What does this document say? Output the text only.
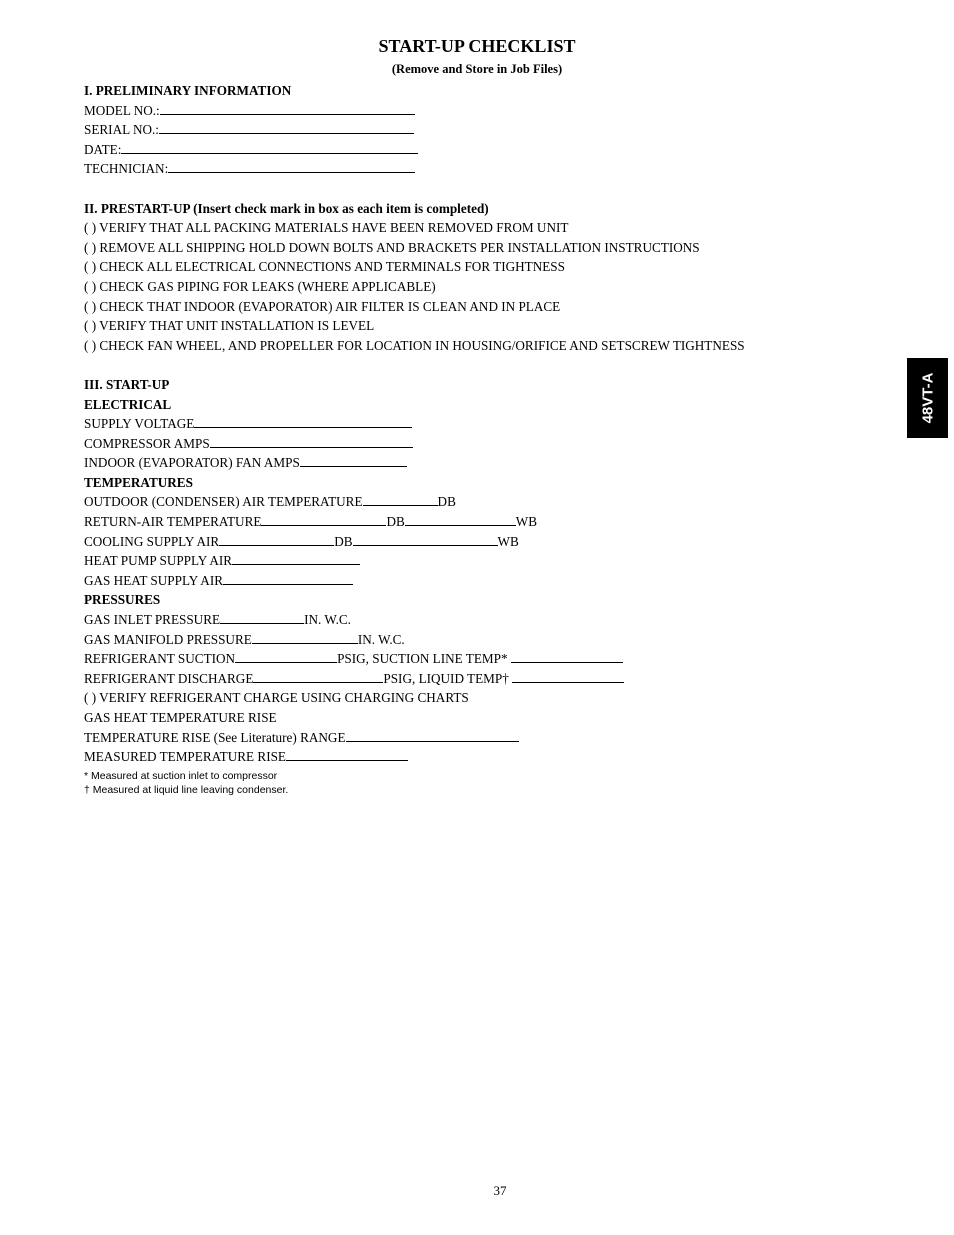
START-UP CHECKLIST
(Remove and Store in Job Files)
I. PRELIMINARY INFORMATION
MODEL NO.:
SERIAL NO.:
DATE:
TECHNICIAN:
II. PRESTART-UP (Insert check mark in box as each item is completed)
( ) VERIFY THAT ALL PACKING MATERIALS HAVE BEEN REMOVED FROM UNIT
( ) REMOVE ALL SHIPPING HOLD DOWN BOLTS AND BRACKETS PER INSTALLATION INSTRUCTIONS
( ) CHECK ALL ELECTRICAL CONNECTIONS AND TERMINALS FOR TIGHTNESS
( ) CHECK GAS PIPING FOR LEAKS (WHERE APPLICABLE)
( ) CHECK THAT INDOOR (EVAPORATOR) AIR FILTER IS CLEAN AND IN PLACE
( ) VERIFY THAT UNIT INSTALLATION IS LEVEL
( ) CHECK FAN WHEEL, AND PROPELLER FOR LOCATION IN HOUSING/ORIFICE AND SETSCREW TIGHTNESS
III. START-UP
ELECTRICAL
SUPPLY VOLTAGE
COMPRESSOR AMPS
INDOOR (EVAPORATOR) FAN AMPS
TEMPERATURES
OUTDOOR (CONDENSER) AIR TEMPERATURE	DB
RETURN-AIR TEMPERATURE	DB	WB
COOLING SUPPLY AIR	DB	WB
HEAT PUMP SUPPLY AIR
GAS HEAT SUPPLY AIR
PRESSURES
GAS INLET PRESSURE	IN. W.C.
GAS MANIFOLD PRESSURE	IN. W.C.
REFRIGERANT SUCTION	PSIG, SUCTION LINE TEMP*
REFRIGERANT DISCHARGE	PSIG, LIQUID TEMP†
( ) VERIFY REFRIGERANT CHARGE USING CHARGING CHARTS
GAS HEAT TEMPERATURE RISE
TEMPERATURE RISE (See Literature) RANGE
MEASURED TEMPERATURE RISE
* Measured at suction inlet to compressor
† Measured at liquid line leaving condenser.
48VT-A
37
